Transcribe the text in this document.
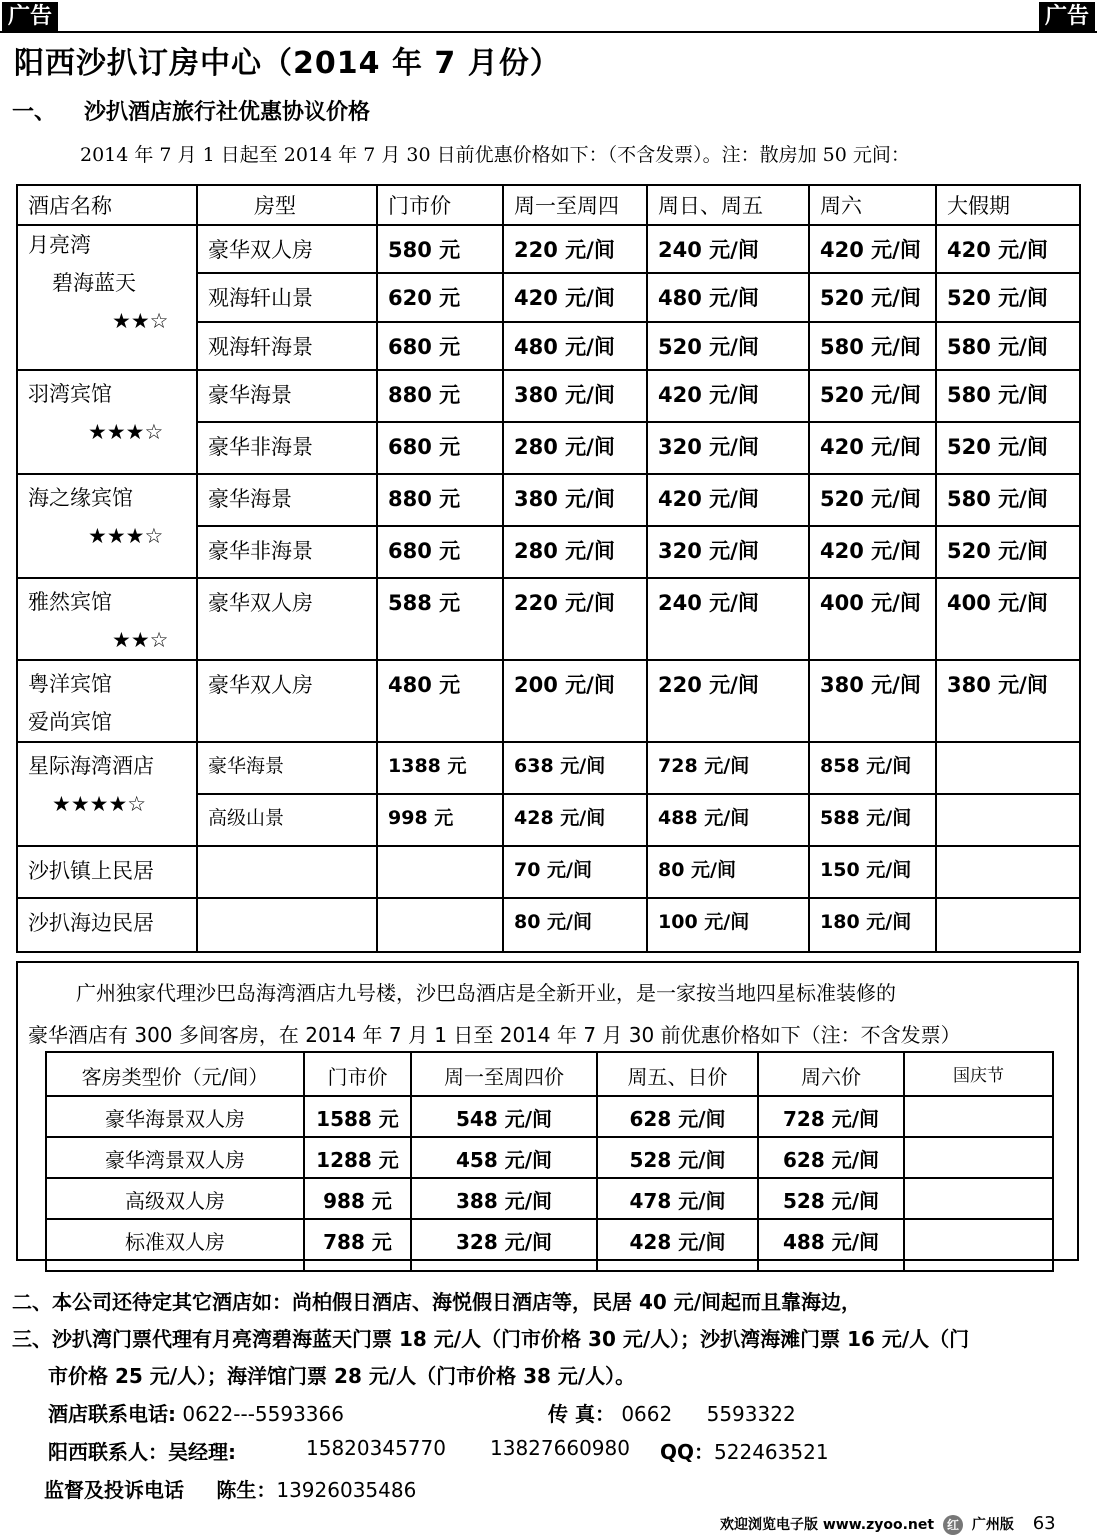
广告	广告
阳西沙扒订房中心（2014 年 7 月份）
一、 沙扒酒店旅行社优惠协议价格
2014 年 7 月 1 日起至 2014 年 7 月 30 日前优惠价格如下：（不含发票）。注：散房加 50 元间：
酒店名称	房型	门市价	周一至周四	周日、周五	周六	大假期

月亮湾
碧海蓝天
★★☆	豪华双人房	580 元	220 元/间	240 元/间	420 元/间	420 元/间
	观海轩山景	620 元	420 元/间	480 元/间	520 元/间	520 元/间
	观海轩海景	680 元	480 元/间	520 元/间	580 元/间	580 元/间

羽湾宾馆
★★★☆	豪华海景	880 元	380 元/间	420 元/间	520 元/间	580 元/间
	豪华非海景	680 元	280 元/间	320 元/间	420 元/间	520 元/间

海之缘宾馆
★★★☆	豪华海景	880 元	380 元/间	420 元/间	520 元/间	580 元/间
	豪华非海景	680 元	280 元/间	320 元/间	420 元/间	520 元/间

雅然宾馆
★★☆	豪华双人房	588 元	220 元/间	240 元/间	400 元/间	400 元/间

粤洋宾馆
爱尚宾馆	豪华双人房	480 元	200 元/间	220 元/间	380 元/间	380 元/间

星际海湾酒店
★★★★☆	豪华海景	1388 元	638 元/间	728 元/间	858 元/间	
	高级山景	998 元	428 元/间	488 元/间	588 元/间	
沙扒镇上民居			70 元/间	80 元/间	150 元/间	
沙扒海边民居			80 元/间	100 元/间	180 元/间	
广州独家代理沙巴岛海湾酒店九号楼，沙巴岛酒店是全新开业，是一家按当地四星标准装修的
豪华酒店有 300 多间客房，在 2014 年 7 月 1 日至 2014 年 7 月 30 前优惠价格如下（注：不含发票）
客房类型价（元/间）	门市价	周一至周四价	周五、日价	周六价	国庆节
豪华海景双人房	1588 元	548 元/间	628 元/间	728 元/间	
豪华湾景双人房	1288 元	458 元/间	528 元/间	628 元/间	
高级双人房	988 元	388 元/间	478 元/间	528 元/间	
标准双人房	788 元	328 元/间	428 元/间	488 元/间	
二、本公司还待定其它酒店如：尚柏假日酒店、海悦假日酒店等，民居 40 元/间起而且靠海边，
三、沙扒湾门票代理有月亮湾碧海蓝天门票 18 元/人（门市价格 30 元/人）；沙扒湾海滩门票 16 元/人（门
市价格 25 元/人）；海洋馆门票 28 元/人（门市价格 38 元/人）。
酒店联系电话: 0622---5593366	传 真： 0662 5593322
阳西联系人：吴经理:	15820345770 13827660980 QQ：522463521
监督及投诉电话 陈生：13926035486
欢迎浏览电子版 www.zyoo.net 红 广州版 63
